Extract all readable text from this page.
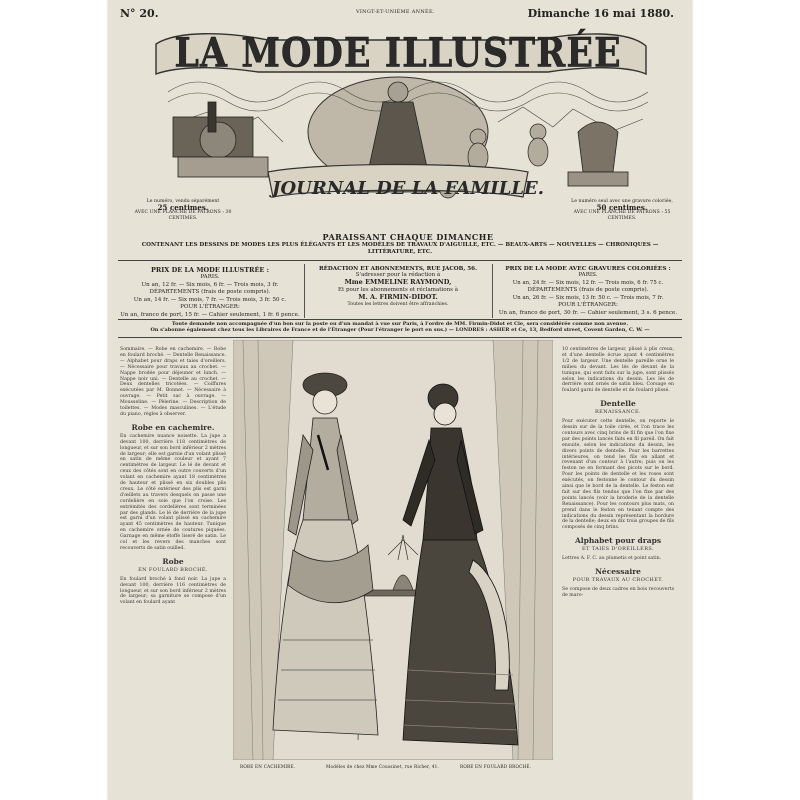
N° 20.	VINGT-ET-UNIÈME ANNÉE.	Dimanche 16 mai 1880.
LA MODE ILLUSTRÉE
JOURNAL DE LA FAMILLE.
Le numéro, vendu séparément
25 centimes.
AVEC UNE PLANCHE DE PATRONS : 30 CENTIMES.
Le numéro seul avec une gravure coloriée,
50 centimes.
AVEC UNE PLANCHE DE PATRONS : 55 CENTIMES.
PARAISSANT CHAQUE DIMANCHE
CONTENANT LES DESSINS DE MODES LES PLUS ÉLÉGANTS ET LES MODÈLES DE TRAVAUX D'AIGUILLE, ETC. — BEAUX-ARTS — NOUVELLES — CHRONIQUES — LITTÉRATURE, ETC.
PRIX DE LA MODE ILLUSTRÉE :
PARIS.
Un an, 12 fr. — Six mois, 6 fr. — Trois mois, 3 fr.
DÉPARTEMENTS (frais de poste compris).
Un an, 14 fr. — Six mois, 7 fr. — Trois mois, 3 fr. 50 c.
POUR L'ÉTRANGER:
Un an, franco de port, 15 fr. — Cahier seulement, 1 fr. 6 pence.
RÉDACTION ET ABONNEMENTS, RUE JACOB, 56.
S'adresser pour la rédaction à
Mme EMMELINE RAYMOND,
Et pour les abonnements et réclamations à
M. A. FIRMIN-DIDOT.
Toutes les lettres doivent être affranchies.
PRIX DE LA MODE AVEC GRAVURES COLORIÉES :
PARIS.
Un an, 24 fr. — Six mois, 12 fr. — Trois mois, 6 fr. 75 c.
DÉPARTEMENTS (frais de poste compris).
Un an, 26 fr. — Six mois, 13 fr. 50 c. — Trois mois, 7 fr.
POUR L'ÉTRANGER:
Un an, franco de port, 30 fr. — Cahier seulement, 3 s. 6 pence.
Toute demande non accompagnée d'un bon sur la poste ou d'un mandat à vue sur Paris, à l'ordre de MM. Firmin-Didot et Cie, sera considérée comme non avenue.
On s'abonne également chez tous les Libraires de France et de l'Étranger (Pour l'étranger le port en sus.) — LONDRES : ASHER et Co, 13, Bedford street, Covent Garden, C. W. —
Sommaire. — Robe en cachemire. — Robe en foulard broché. — Dentelle Renaissance. — Alphabet pour draps et taies d'oreillers. — Nécessaire pour travaux au crochet. — Nappe brodée pour déjeuner et lunch. — Nappe noir uni. — Dentelle au crochet. — Deux dentelles tricotées. — Coiffures exécutées par M. Bonnet. — Nécessaire à ouvrage. — Petit sac à ouvrage. — Mousseline. — Pèlerine. — Description de toilettes. — Modes masculines. — L'étude du piano, règles à observer.
Robe en cachemire.
En cachemire nuance noisette. La jupe a devant 100, derrière 118 centimètres de longueur, et sur son bord inférieur 2 mètres de largeur; elle est garnie d'un volant plissé en satin de même couleur et ayant 7 centimètres de largeur. Le lé de devant et ceux des côtés sont en outre couverts d'un volant en cachemire ayant 18 centimètres de hauteur et plissé en six doubles plis creux. Le côté extérieur des plis est garni d'œillets au travers desquels on passe une cordelière en soie que l'on croise. Les extrémités des cordelières sont terminées par des glands. Le lé de derrière de la jupe est garni d'un volant plissé en cachemire ayant 45 centimètres de hauteur. Tunique en cachemire ornée de coutures piquées. Garnage en même étoffe liseré de satin. Le col et les revers des manches sont recouverts de satin ouilled.
Robe
EN FOULARD BROCHÉ.
En foulard broché à fond noir. La jupe a devant 100, derrière 116 centimètres de longueur, et sur son bord inférieur 2 mètres de largeur; sa garniture se compose d'un volant en foulard ayant
ROBE EN CACHEMIRE.	Modèles de chez Mme Coussinet, rue Richer, 41.	ROBE EN FOULARD BROCHÉ.
10 centimètres de largeur, plissé à plis creux, et d'une dentelle écrue ayant 4 centimètres 1/2 de largeur. Une dentelle pareille orne le milieu du devant. Les lés de devant de la tunique, qui sont faits sur la jupe, sont plissés selon les indications du dessin. Les lés de derrière sont ornés de satin bleu. Corsage en foulard garni de dentelle et de foulard plissé.
Dentelle
RENAISSANCE.
Pour exécuter cette dentelle, on reporte le dessin sur de la toile cirée, et l'on trace les contours avec cinq brins de fil fin que l'on fixe par des points lancés faits en fil pareil. On fait ensuite, selon les indications du dessin, les divers points de dentelle. Pour les barrettes intérieures, on tend les fils en allant et revenant d'un contour à l'autre; puis on les feston ne en formant des picots sur le bord. Pour les points de dentelle et les roses sont exécutés, on festonne le contour du dessin ainsi que le bord de la dentelle. Le feston est fait sur des fils tendus que l'on fixe par des points lancés (voir la broderie de la dentelle Renaissance). Pour les contours plus mats, on prend dans le feston en tenant compte des indications du dessin représentant la bordure de la dentelle; deux en dix trois groupes de fils composés de cinq brins.
Alphabet pour draps
ET TAIES D'OREILLERS.
Lettres A. F. C. au plumetis et point satin.
Nécessaire
POUR TRAVAUX AU CROCHET.
Se compose de deux cadres en bois recouverts de maro-
